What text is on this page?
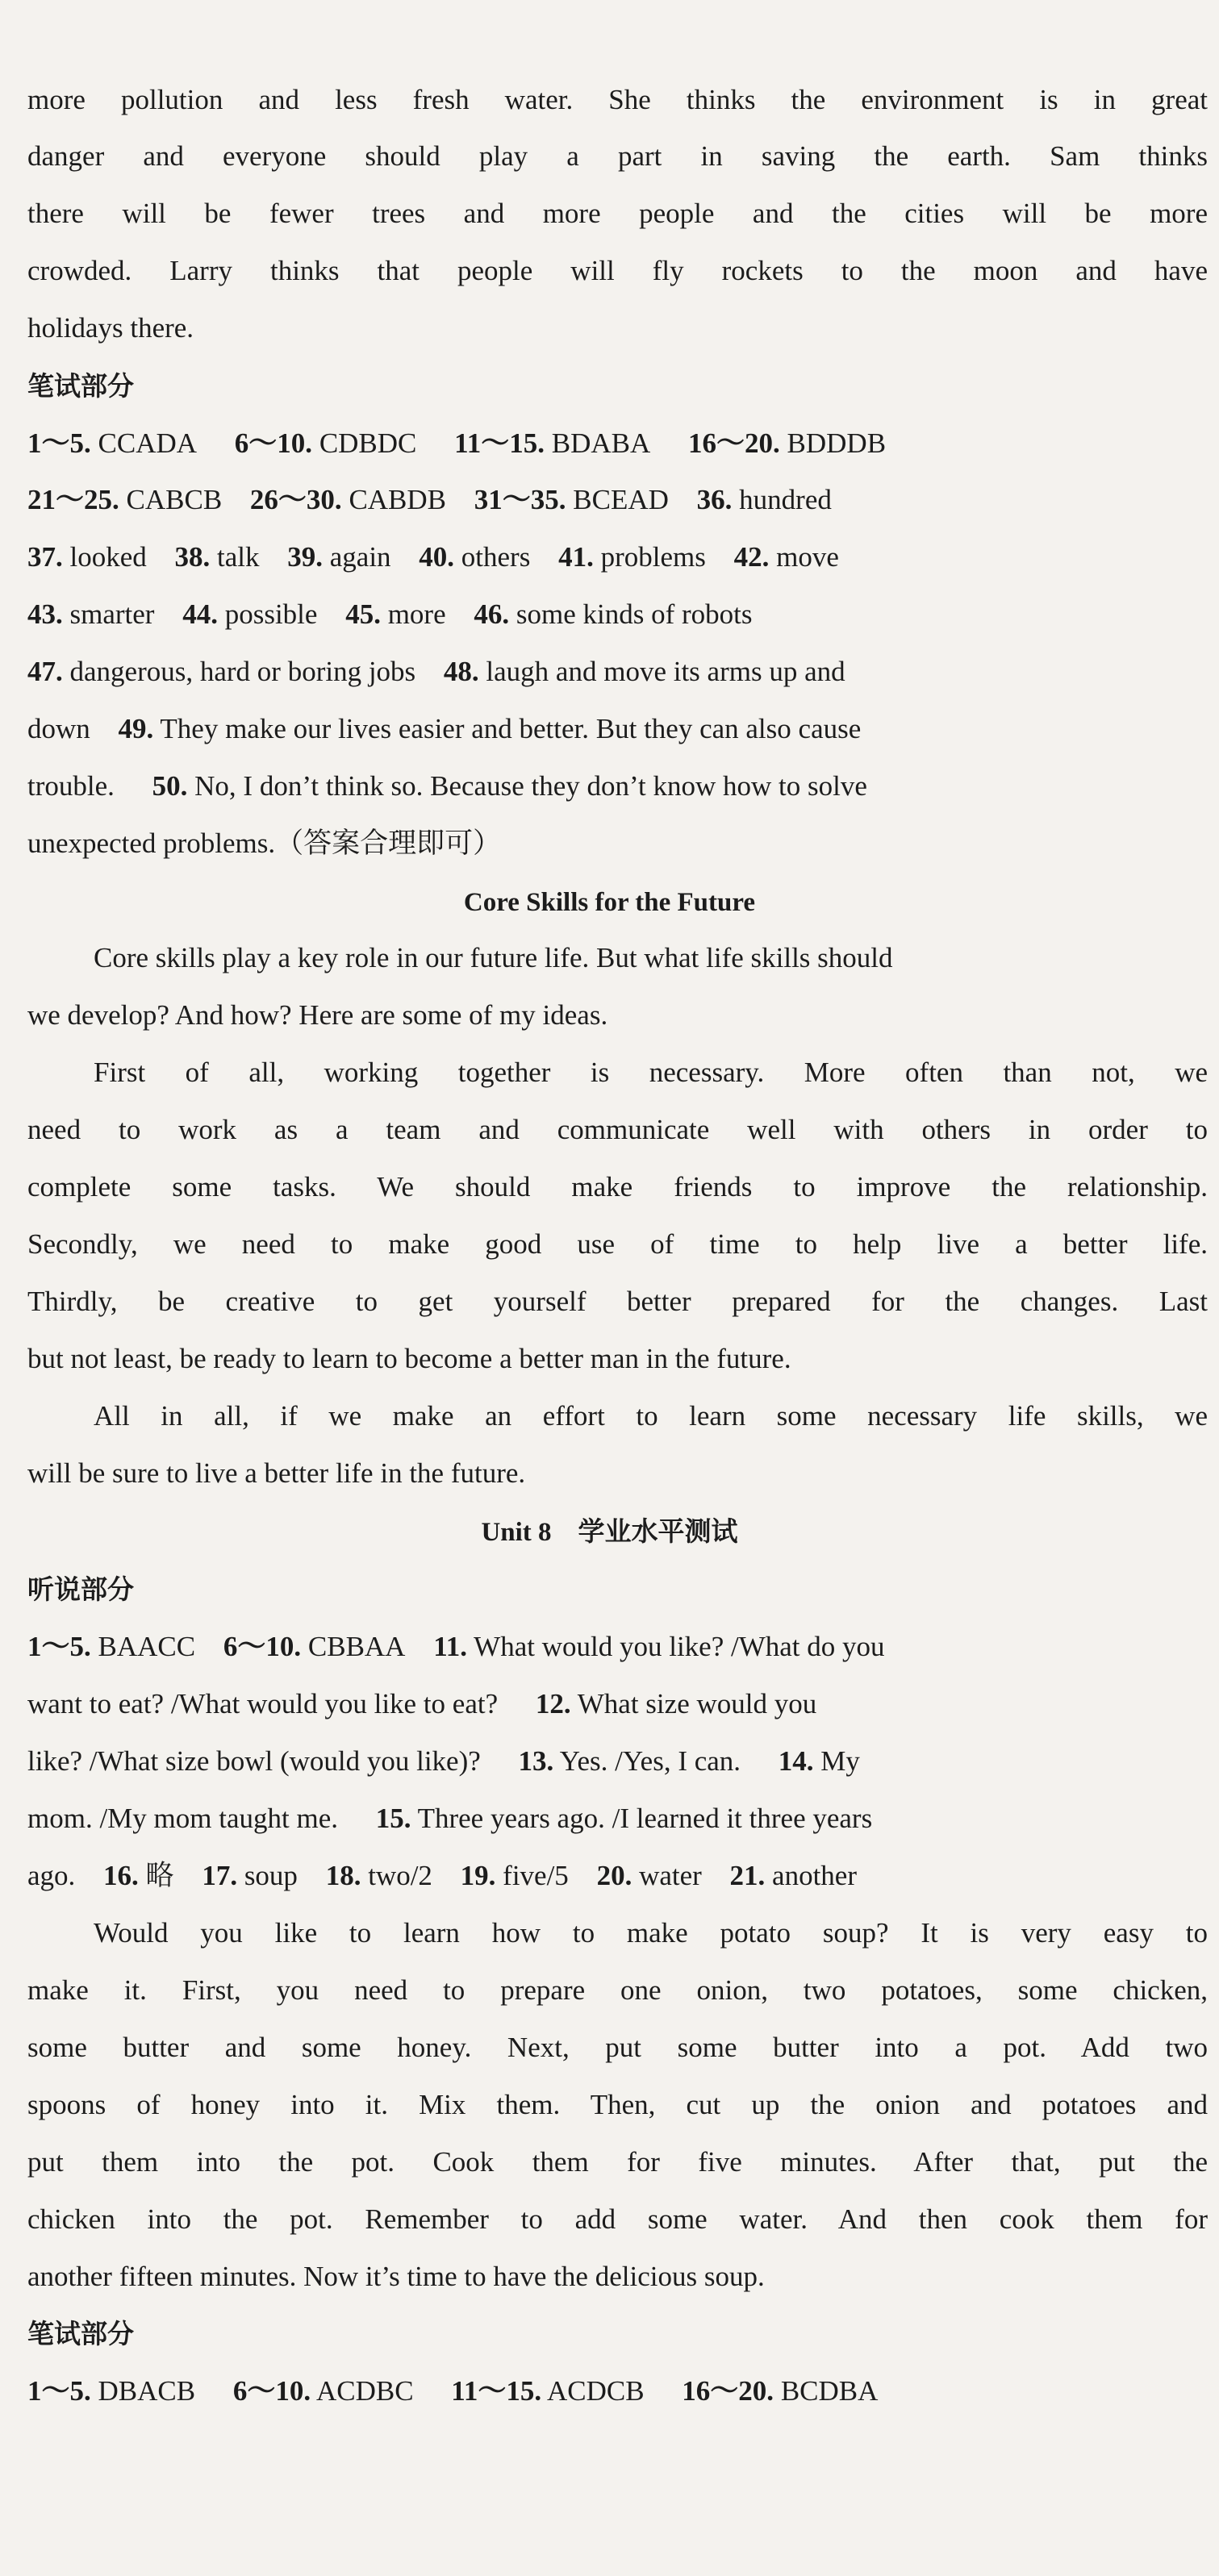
more pollution and less fresh water. She thinks the environment is in great
danger and everyone should play a part in saving the earth. Sam thinks
there will be fewer trees and more people and the cities will be more
crowded. Larry thinks that people will fly rockets to the moon and have
holidays there.
笔试部分
1～5. CCADA 6～10. CDBDC 11～15. BDABA 16～20. BDDDB
21～25. CABCB 26～30. CABDB 31～35. BCEAD 36. hundred
37. looked 38. talk 39. again 40. others 41. problems 42. move
43. smarter 44. possible 45. more 46. some kinds of robots
47. dangerous, hard or boring jobs 48. laugh and move its arms up and
down 49. They make our lives easier and better. But they can also cause
trouble. 50. No, I don’t think so. Because they don’t know how to solve
unexpected problems.（答案合理即可）
Core Skills for the Future
Core skills play a key role in our future life. But what life skills should
we develop? And how? Here are some of my ideas.
First of all, working together is necessary. More often than not, we
need to work as a team and communicate well with others in order to
complete some tasks. We should make friends to improve the relationship.
Secondly, we need to make good use of time to help live a better life.
Thirdly, be creative to get yourself better prepared for the changes. Last
but not least, be ready to learn to become a better man in the future.
All in all, if we make an effort to learn some necessary life skills, we
will be sure to live a better life in the future.
Unit 8　学业水平测试
听说部分
1～5. BAACC 6～10. CBBAA 11. What would you like? /What do you
want to eat? /What would you like to eat? 12. What size would you
like? /What size bowl (would you like)? 13. Yes. /Yes, I can. 14. My
mom. /My mom taught me. 15. Three years ago. /I learned it three years
ago. 16. 略 17. soup 18. two/2 19. five/5 20. water 21. another
Would you like to learn how to make potato soup? It is very easy to
make it. First, you need to prepare one onion, two potatoes, some chicken,
some butter and some honey. Next, put some butter into a pot. Add two
spoons of honey into it. Mix them. Then, cut up the onion and potatoes and
put them into the pot. Cook them for five minutes. After that, put the
chicken into the pot. Remember to add some water. And then cook them for
another fifteen minutes. Now it’s time to have the delicious soup.
笔试部分
1～5. DBACB 6～10. ACDBC 11～15. ACDCB 16～20. BCDBA
